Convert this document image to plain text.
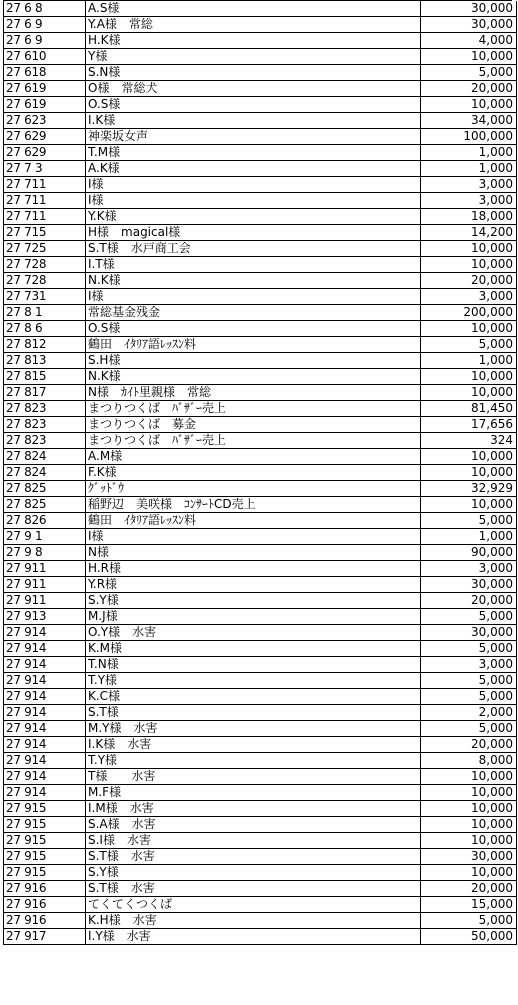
27 6 8	A.S様	30,000
27 6 9	Y.A様　常総	30,000
27 6 9	H.K様	4,000
27 610	Y様	10,000
27 618	S.N様	5,000
27 619	O様　常総犬	20,000
27 619	O.S様	10,000
27 623	I.K様	34,000
27 629	神楽坂女声	100,000
27 629	T.M様	1,000
27 7 3	A.K様	1,000
27 711	I様	3,000
27 711	I様	3,000
27 711	Y.K様	18,000
27 715	H様　magical様	14,200
27 725	S.T様　水戸商工会	10,000
27 728	I.T様	10,000
27 728	N.K様	20,000
27 731	I様	3,000
27 8 1	常総基金残金	200,000
27 8 6	O.S様	10,000
27 812	鶴田　ｲﾀﾘｱ語ﾚｯｽﾝ料	5,000
27 813	S.H様	1,000
27 815	N.K様	10,000
27 817	N様　ｶｲﾄ里親様　常総	10,000
27 823	まつりつくば　ﾊﾞｻﾞｰ売上	81,450
27 823	まつりつくば　募金	17,656
27 823	まつりつくば　ﾊﾞｻﾞｰ売上	324
27 824	A.M様	10,000
27 824	F.K様	10,000
27 825	ｸﾞｯﾄﾞｳ	32,929
27 825	稲野辺　美咲様　ｺﾝｻｰﾄCD売上	10,000
27 826	鶴田　ｲﾀﾘｱ語ﾚｯｽﾝ料	5,000
27 9 1	I様	1,000
27 9 8	N様	90,000
27 911	H.R様	3,000
27 911	Y.R様	30,000
27 911	S.Y様	20,000
27 913	M.J様	5,000
27 914	O.Y様　水害	30,000
27 914	K.M様	5,000
27 914	T.N様	3,000
27 914	T.Y様	5,000
27 914	K.C様	5,000
27 914	S.T様	2,000
27 914	M.Y様　水害	5,000
27 914	I.K様　水害	20,000
27 914	T.Y様	8,000
27 914	T様　　水害	10,000
27 914	M.F様	10,000
27 915	I.M様　水害	10,000
27 915	S.A様　水害	10,000
27 915	S.I様　水害	10,000
27 915	S.T様　水害	30,000
27 915	S.Y様	10,000
27 916	S.T様　水害	20,000
27 916	てくてくつくば	15,000
27 916	K.H様　水害	5,000
27 917	I.Y様　水害	50,000
